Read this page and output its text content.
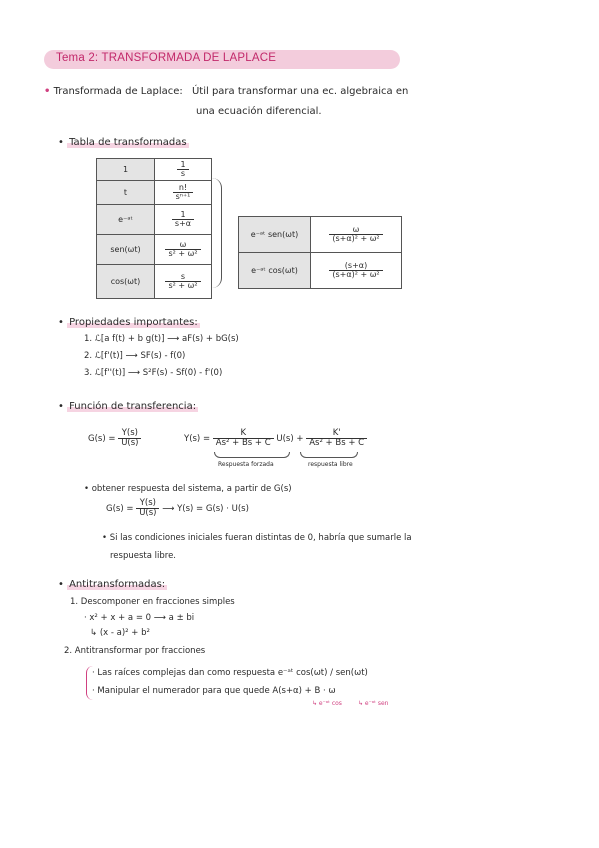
Tema 2: TRANSFORMADA DE LAPLACE
• Transformada de Laplace: Útil para transformar una ec. algebraica en
una ecuación diferencial.
• Tabla de transformadas
1	$\frac{1}{s}$

t	$\frac{n!}{\text{sⁿ⁺¹}}$

e⁻ᵃᵗ	$\frac{1}{s+\alpha}$

sen(ωt)	$\frac{\omega}{\text{s² + ω²}}$

cos(ωt)	$\frac{s}{\text{s² + ω²}}$
e⁻ᵃᵗ sen(ωt)	$\frac{\omega}{\text{(s+α)² + ω²}}$

e⁻ᵃᵗ cos(ωt)	$\frac{(s+\alpha)}{\text{(s+α)² + ω²}}$
• Propiedades importantes:
1. ℒ[a f(t) + b g(t)] ⟶ aF(s) + bG(s)
2. ℒ[f'(t)] ⟶ SF(s) - f(0)
3. ℒ[f''(t)] ⟶ S²F(s) - Sf(0) - f'(0)
• Función de transferencia:
$G(s) = \frac{Y(s)}{U(s)}$	$Y(s) = \frac{K}{\text{As² + Bs + C}} U(s) + \frac{K'}{\text{As² + Bs + C}}$
Respuesta forzada	respuesta libre
• obtener respuesta del sistema, a partir de G(s)
$G(s) = \frac{Y(s)}{U(s)}$ ⟶ Y(s) = G(s) · U(s)
• Si las condiciones iniciales fueran distintas de 0, habría que sumarle la
respuesta libre.
• Antitransformadas:
1. Descomponer en fracciones simples
· x² + x + a = 0 ⟶ a ± bi
↳ (x - a)² + b²
2. Antitransformar por fracciones
· Las raíces complejas dan como respuesta e⁻ᵃᵗ cos(ωt) / sen(ωt)
· Manipular el numerador para que quede A(s+α) + B · ω
↳ e⁻ᵃᵗ cos	↳ e⁻ᵃᵗ sen
